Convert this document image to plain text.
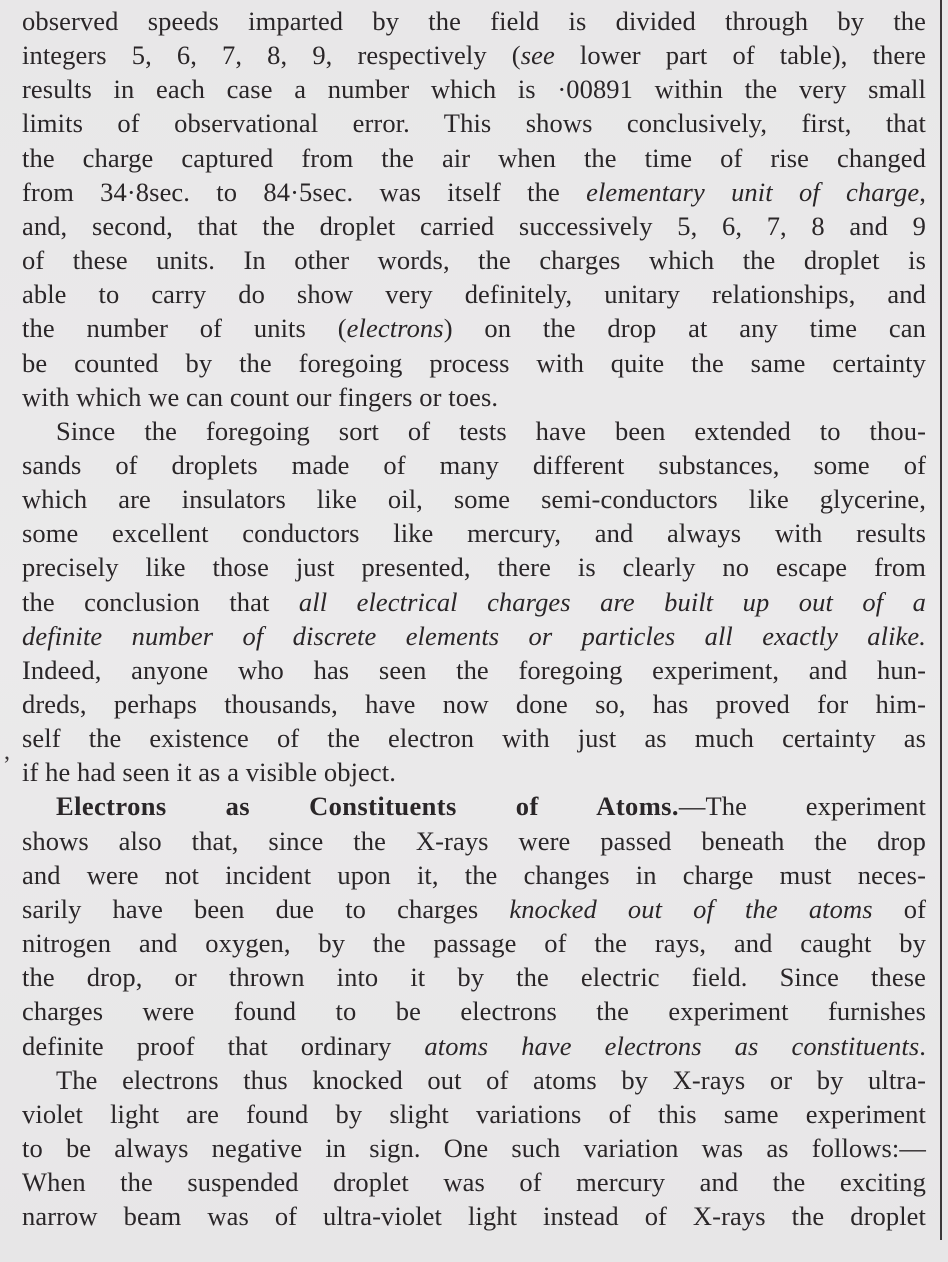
,
observed speeds imparted by the field is divided through by the
integers 5, 6, 7, 8, 9, respectively (see lower part of table), there
results in each case a number which is ·00891 within the very small
limits of observational error. This shows conclusively, first, that
the charge captured from the air when the time of rise changed
from 34·8sec. to 84·5sec. was itself the elementary unit of charge,
and, second, that the droplet carried successively 5, 6, 7, 8 and 9
of these units. In other words, the charges which the droplet is
able to carry do show very definitely, unitary relationships, and
the number of units (electrons) on the drop at any time can
be counted by the foregoing process with quite the same certainty
with which we can count our fingers or toes.
Since the foregoing sort of tests have been extended to thou-
sands of droplets made of many different substances, some of
which are insulators like oil, some semi-conductors like glycerine,
some excellent conductors like mercury, and always with results
precisely like those just presented, there is clearly no escape from
the conclusion that all electrical charges are built up out of a
definite number of discrete elements or particles all exactly alike.
Indeed, anyone who has seen the foregoing experiment, and hun-
dreds, perhaps thousands, have now done so, has proved for him-
self the existence of the electron with just as much certainty as
if he had seen it as a visible object.
Electrons as Constituents of Atoms.—The experiment
shows also that, since the X-rays were passed beneath the drop
and were not incident upon it, the changes in charge must neces-
sarily have been due to charges knocked out of the atoms of
nitrogen and oxygen, by the passage of the rays, and caught by
the drop, or thrown into it by the electric field. Since these
charges were found to be electrons the experiment furnishes
definite proof that ordinary atoms have electrons as constituents.
The electrons thus knocked out of atoms by X-rays or by ultra-
violet light are found by slight variations of this same experiment
to be always negative in sign. One such variation was as follows:—
When the suspended droplet was of mercury and the exciting
narrow beam was of ultra-violet light instead of X-rays the droplet
